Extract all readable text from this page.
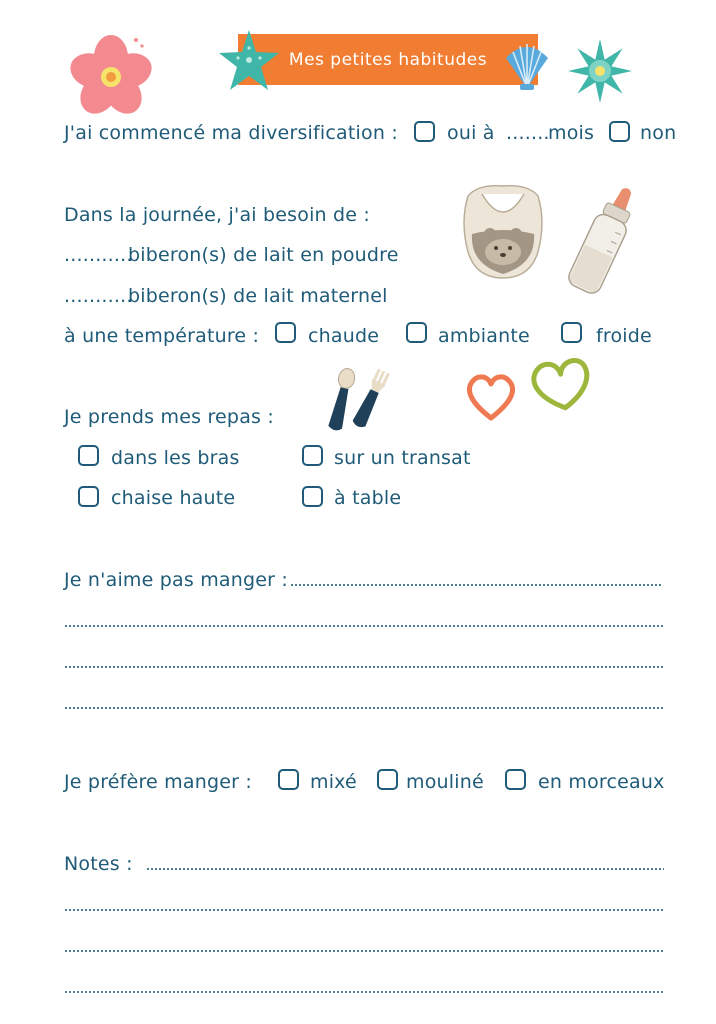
Mes petites habitudes
J'ai commencé ma diversification :	oui à .......
mois non
Dans la journée, j'ai besoin de :
...........
biberon(s) de lait en poudre
...........
biberon(s) de lait maternel
à une température :	chaude	ambiante	froide
Je prends mes repas :
dans les bras	sur un transat
chaise haute	à table
Je n'aime pas manger :
Je préfère manger :	mixé	mouliné	en morceaux
Notes :
